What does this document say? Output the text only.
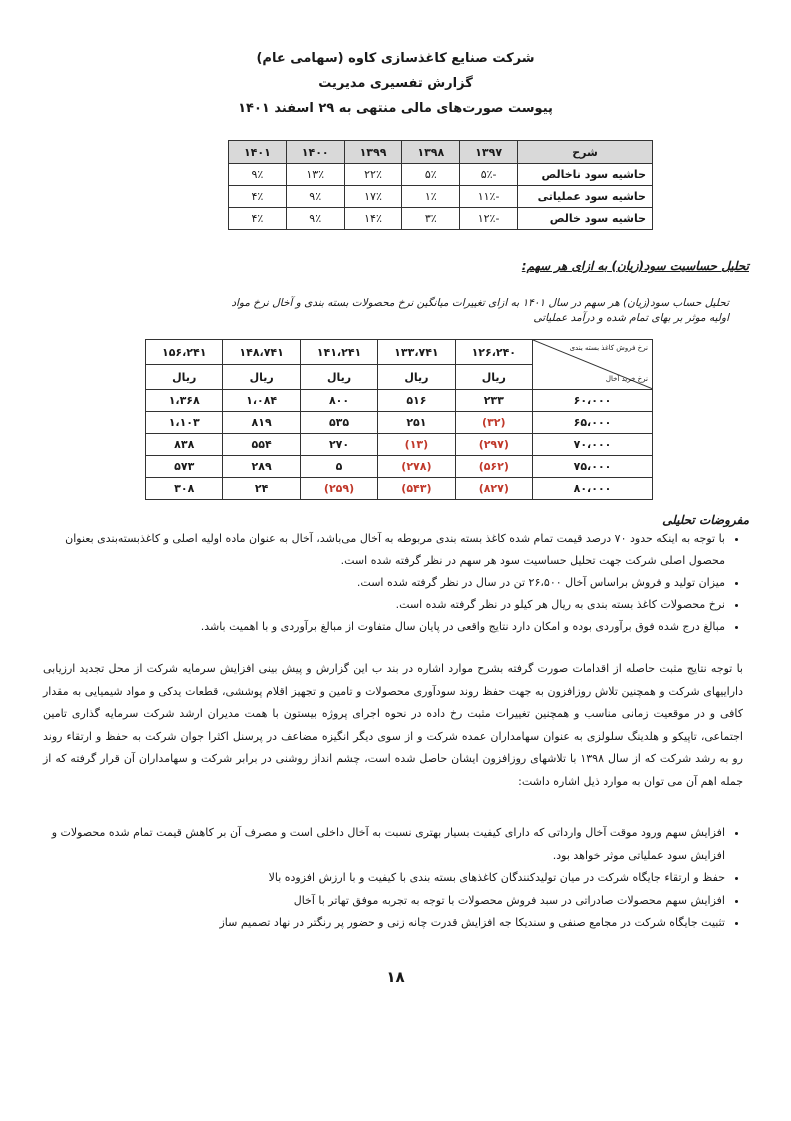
شرکت صنایع کاغذسازی کاوه (سهامی عام)
گزارش تفسیری مدیریت
پیوست صورت‌های مالی منتهی به ۲۹ اسفند ۱۴۰۱
شرح	۱۳۹۷	۱۳۹۸	۱۳۹۹	۱۴۰۰	۱۴۰۱
حاشیه سود ناخالص	-۵٪	۵٪	۲۲٪	۱۳٪	۹٪
حاشیه سود عملیاتی	-۱۱٪	۱٪	۱۷٪	۹٪	۴٪
حاشیه سود خالص	-۱۲٪	۳٪	۱۴٪	۹٪	۴٪
تحلیل حساسیت سود(زیان) به ازای هر سهم:
تحلیل حساب سود(زیان) هر سهم در سال ۱۴۰۱ به ازای تغییرات میانگین نرخ محصولات بسته بندی و آخال نرخ مواد اولیه موثر بر بهای تمام شده و درآمد عملیاتی
نرخ فروش کاغذ بسته بندی
نرخ خرید آخال	۱۲۶،۲۴۰	۱۳۳،۷۴۱	۱۴۱،۲۴۱	۱۴۸،۷۴۱	۱۵۶،۲۴۱
	ریال	ریال	ریال	ریال	ریال
۶۰،۰۰۰	۲۳۳	۵۱۶	۸۰۰	۱،۰۸۴	۱،۳۶۸
۶۵،۰۰۰	(۳۲)	۲۵۱	۵۳۵	۸۱۹	۱،۱۰۳
۷۰،۰۰۰	(۲۹۷)	(۱۳)	۲۷۰	۵۵۴	۸۳۸
۷۵،۰۰۰	(۵۶۲)	(۲۷۸)	۵	۲۸۹	۵۷۳
۸۰،۰۰۰	(۸۲۷)	(۵۴۳)	(۲۵۹)	۲۴	۳۰۸
مفروضات تحلیلی
• با توجه به اینکه حدود ۷۰ درصد قیمت تمام شده کاغذ بسته بندی مربوطه به آخال می‌باشد، آخال به عنوان ماده اولیه اصلی و کاغذبسته‌بندی بعنوان محصول اصلی شرکت جهت تحلیل حساسیت سود هر سهم در نظر گرفته شده است.
• میزان تولید و فروش براساس آخال ۲۶،۵۰۰ تن در سال در نظر گرفته شده است.
• نرخ محصولات کاغذ بسته بندی به ریال هر کیلو در نظر گرفته شده است.
• مبالغ درج شده فوق برآوردی بوده و امکان دارد نتایج واقعی در پایان سال متفاوت از مبالغ برآوردی و با اهمیت باشد.
با توجه نتایج مثبت حاصله از اقدامات صورت گرفته بشرح موارد اشاره در بند ب این گزارش و پیش بینی افزایش سرمایه شرکت از محل تجدید ارزیابی داراییهای شرکت و همچنین تلاش روزافزون به جهت حفظ روند سودآوری محصولات و تامین و تجهیز اقلام پوششی، قطعات یدکی و مواد شیمیایی به مقدار کافی و در موقعیت زمانی مناسب و همچنین تغییرات مثبت رخ داده در نحوه اجرای پروژه بیستون با همت مدیران ارشد شرکت سرمایه گذاری تامین اجتماعی، تاپیکو و هلدینگ سلولزی به عنوان سهامداران عمده شرکت و از سوی دیگر انگیزه مضاعف در پرسنل اکثرا جوان شرکت به حفظ و ارتقاء روند رو به رشد شرکت که از سال ۱۳۹۸ با تلاشهای روزافزون ایشان حاصل شده است، چشم انداز روشنی در برابر شرکت و سهامداران آن قرار گرفته که از جمله اهم آن می توان به موارد ذیل اشاره داشت:
• افزایش سهم ورود موقت آخال وارداتی که دارای کیفیت بسیار بهتری نسبت به آخال داخلی است و مصرف آن بر کاهش قیمت تمام شده محصولات و افزایش سود عملیاتی موثر خواهد بود.
• حفظ و ارتقاء جایگاه شرکت در میان تولیدکنندگان کاغذهای بسته بندی با کیفیت و با ارزش افزوده بالا
• افزایش سهم محصولات صادراتی در سبد فروش محصولات با توجه به تجربه موفق تهاتر با آخال
• تثبیت جایگاه شرکت در مجامع صنفی و سندیکا جه افزایش قدرت چانه زنی و حضور پر رنگتر در نهاد تصمیم ساز
۱۸
